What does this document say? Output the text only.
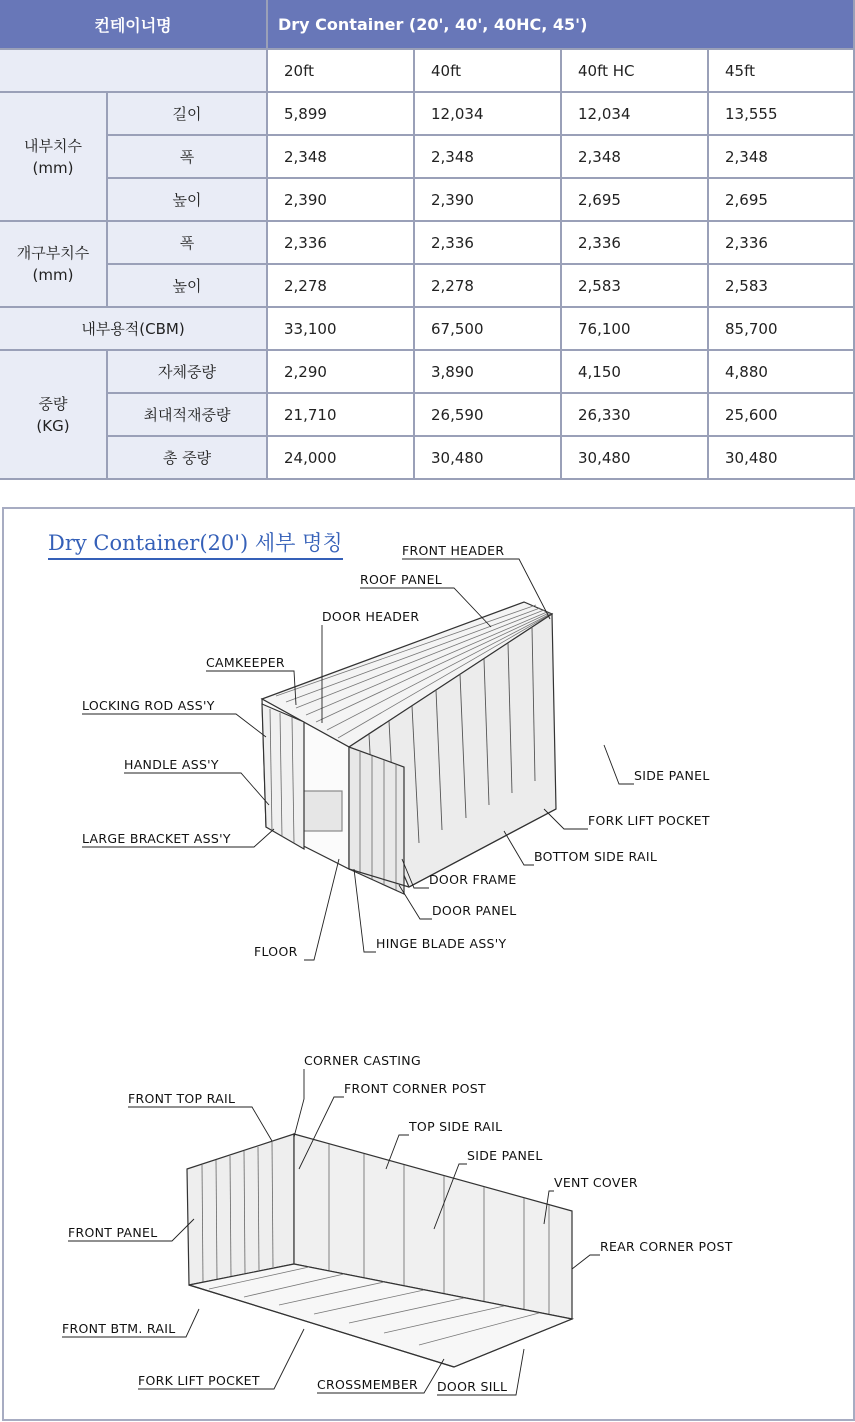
컨테이너명		Dry Container (20', 40', 40HC, 45')			
		20ft	40ft	40ft HC	45ft
내부치수
(mm)	길이	5,899	12,034	12,034	13,555
	폭	2,348	2,348	2,348	2,348
	높이	2,390	2,390	2,695	2,695
개구부치수
(mm)	폭	2,336	2,336	2,336	2,336
	높이	2,278	2,278	2,583	2,583
내부용적(CBM)		33,100	67,500	76,100	85,700
중량
(KG)	자체중량	2,290	3,890	4,150	4,880
	최대적재중량	21,710	26,590	26,330	25,600
	총 중량	24,000	30,480	30,480	30,480
Dry Container(20') 세부 명칭	FRONT HEADER
ROOF PANEL
DOOR HEADER
CAMKEEPER
LOCKING ROD ASS'Y
HANDLE ASS'Y
LARGE BRACKET ASS'Y
SIDE PANEL
FORK LIFT POCKET
BOTTOM SIDE RAIL
DOOR FRAME
DOOR PANEL
FLOOR
HINGE BLADE ASS'Y
CORNER CASTING
FRONT CORNER POST
FRONT TOP RAIL
TOP SIDE RAIL
SIDE PANEL
VENT COVER
FRONT PANEL
REAR CORNER POST
FRONT BTM. RAIL
FORK LIFT POCKET	CROSSMEMBER DOOR SILL
